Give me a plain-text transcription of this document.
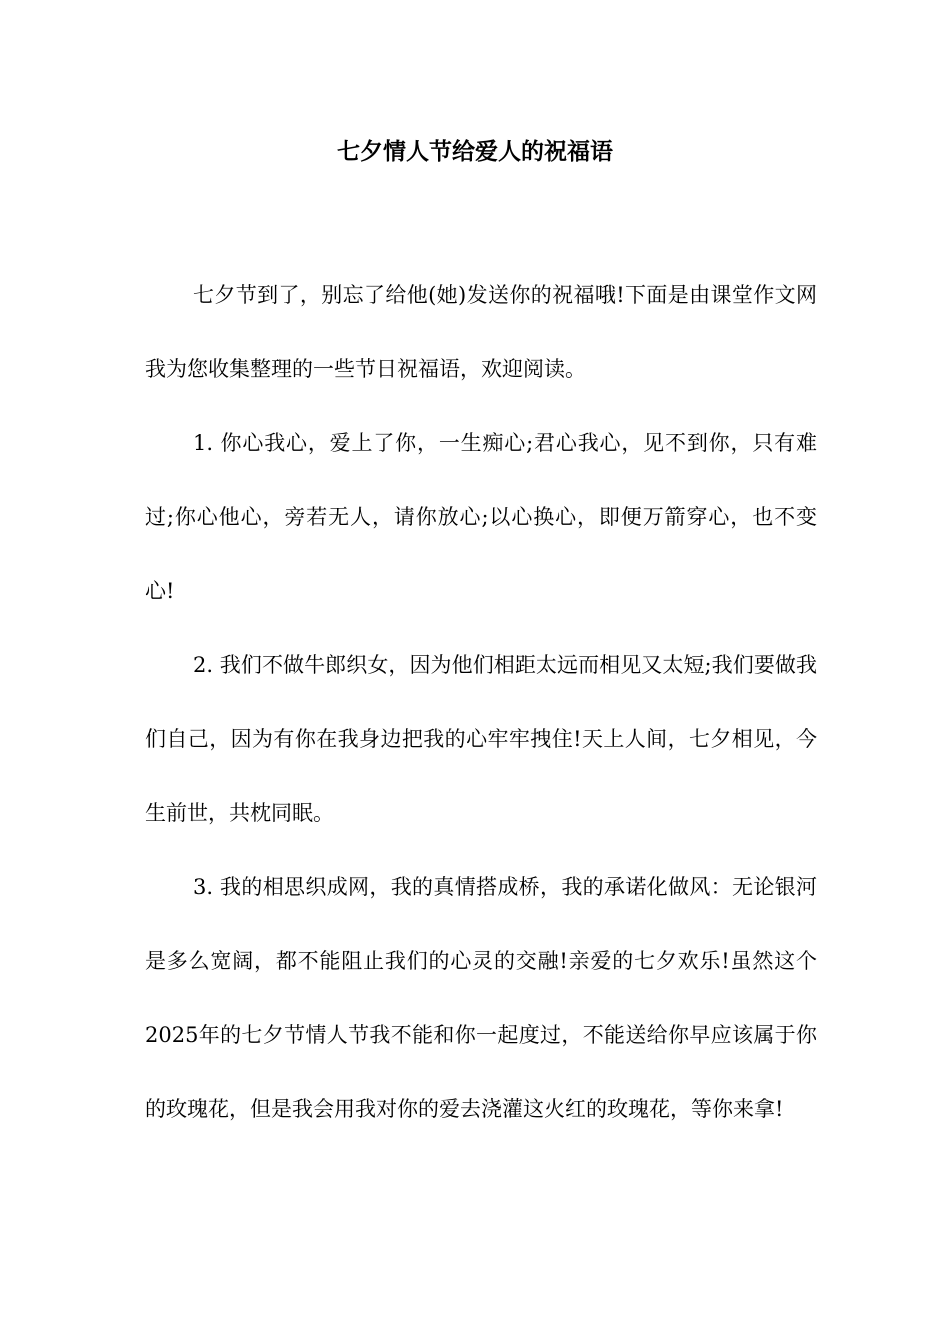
七夕情人节给爱人的祝福语

七夕节到了，别忘了给他(她)发送你的祝福哦!下面是由课堂作文网我为您收集整理的一些节日祝福语，欢迎阅读。

1. 你心我心，爱上了你，一生痴心;君心我心，见不到你，只有难过;你心他心，旁若无人，请你放心;以心换心，即便万箭穿心，也不变心!

2. 我们不做牛郎织女，因为他们相距太远而相见又太短;我们要做我们自己，因为有你在我身边把我的心牢牢拽住!天上人间，七夕相见，今生前世，共枕同眠。

3. 我的相思织成网，我的真情搭成桥，我的承诺化做风：无论银河是多么宽阔，都不能阻止我们的心灵的交融!亲爱的七夕欢乐!虽然这个2025年的七夕节情人节我不能和你一起度过，不能送给你早应该属于你的玫瑰花，但是我会用我对你的爱去浇灌这火红的玫瑰花，等你来拿!
